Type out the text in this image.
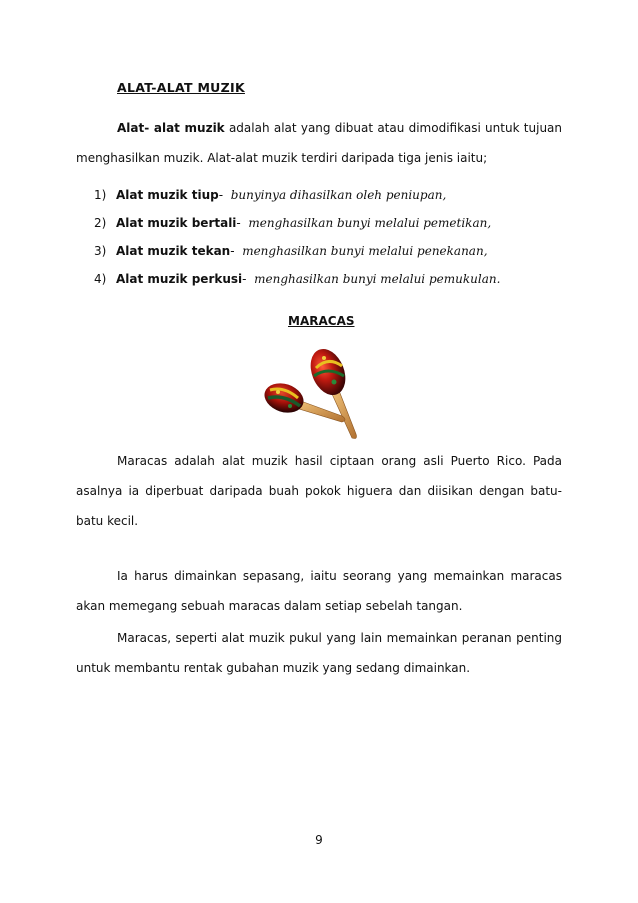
ALAT-ALAT MUZIK

Alat- alat muzik adalah alat yang dibuat atau dimodifikasi untuk tujuan menghasilkan muzik. Alat-alat muzik terdiri daripada tiga jenis iaitu;

1) Alat muzik tiup- bunyinya dihasilkan oleh peniupan,
2) Alat muzik bertali- menghasilkan bunyi melalui pemetikan,
3) Alat muzik tekan- menghasilkan bunyi melalui penekanan,
4) Alat muzik perkusi- menghasilkan bunyi melalui pemukulan.
MARACAS

Maracas adalah alat muzik hasil ciptaan orang asli Puerto Rico. Pada asalnya ia diperbuat daripada buah pokok higuera dan diisikan dengan batu-batu kecil.

Ia harus dimainkan sepasang, iaitu seorang yang memainkan maracas akan memegang sebuah maracas dalam setiap sebelah tangan.

Maracas, seperti alat muzik pukul yang lain memainkan peranan penting untuk membantu rentak gubahan muzik yang sedang dimainkan.

9
